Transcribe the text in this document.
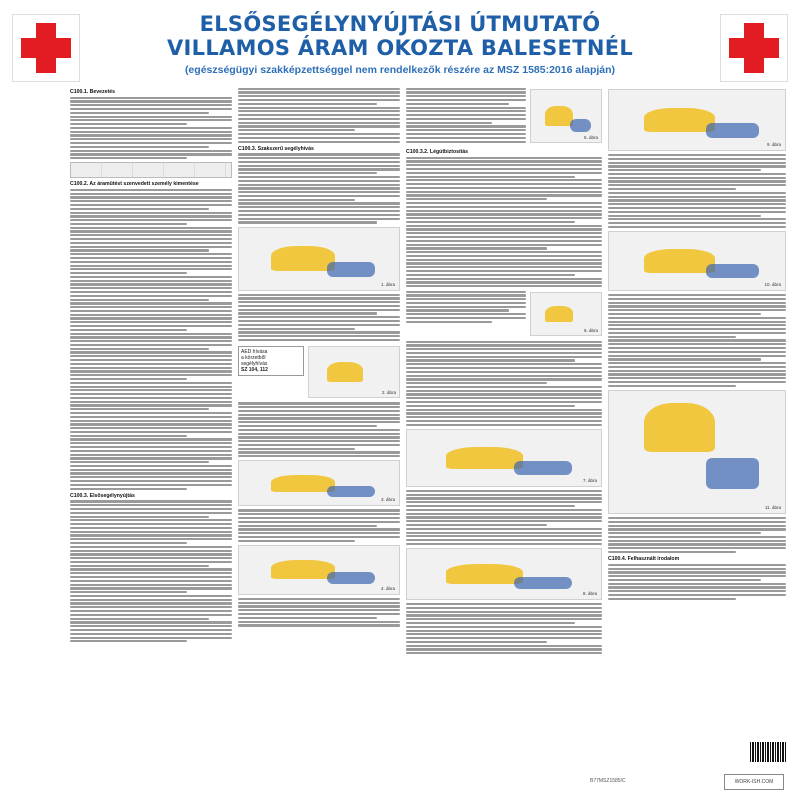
ELSŐSEGÉLYNYÚJTÁSI ÚTMUTATÓ
VILLAMOS ÁRAM OKOZTA BALESETNÉL
(egészségügyi szakképzettséggel nem rendelkezők részére az MSZ 1585:2016 alapján)
C100.1. Bevezetés
C100.2. Az áramütést szenvedett személy kimentése
C100.3. Elsősegélynyújtás
C100.3. Szakszerű segélyhívás
1. ábra
AED hívása
a körzetből
segélyhívás
SZ 104, 112
2. ábra
3. ábra
4. ábra
5. ábra
C100.3.2. Légútbiztosítás
6. ábra
7. ábra
8. ábra
9. ábra
10. ábra
11. ábra
C100.4. Felhasznált irodalom
B77MSZ1585/C	WORK-ISH.COM
